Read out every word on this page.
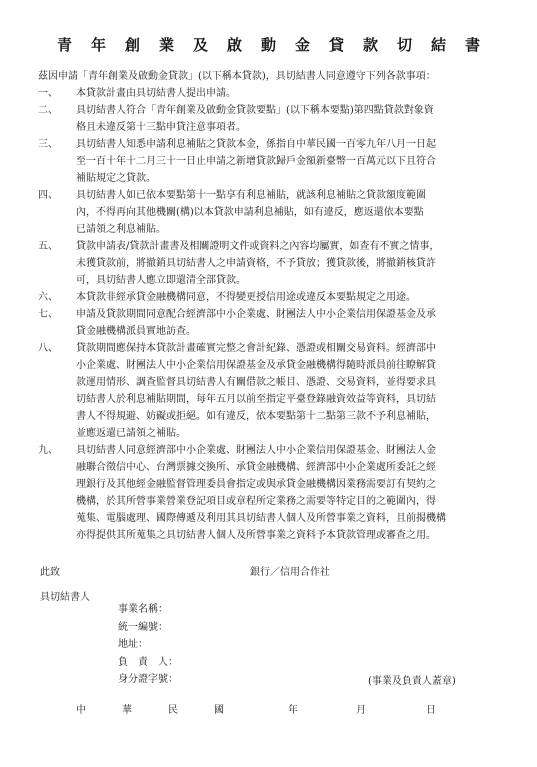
青年創業及啟動金貸款切結書
茲因申請「青年創業及啟動金貸款」(以下稱本貸款)，具切結書人同意遵守下列各款事項：
一、	本貸款計畫由具切結書人提出申請。
二、	具切結書人符合「青年創業及啟動金貸款要點」(以下稱本要點)第四點貸款對象資
格且未違反第十三點申貸注意事項者。
三、	具切結書人知悉申請利息補貼之貸款本金，係指自中華民國一百零九年八月一日起
至一百十年十二月三十一日止申請之新增貸款歸戶金額新臺幣一百萬元以下且符合
補貼規定之貸款。
四、	具切結書人如已依本要點第十一點享有利息補貼，就該利息補貼之貸款額度範圍
內，不得再向其他機關(構)以本貸款申請利息補貼，如有違反，應返還依本要點
已請領之利息補貼。
五、	貸款申請表/貸款計畫書及相關證明文件或資料之內容均屬實，如查有不實之情事，
未獲貸款前，將撤銷具切結書人之申請資格，不予貸放；獲貸款後，將撤銷核貸許
可，具切結書人應立即還清全部貸款。
六、	本貸款非經承貸金融機構同意，不得變更授信用途或違反本要點規定之用途。
七、	申請及貸款期間同意配合經濟部中小企業處、財團法人中小企業信用保證基金及承
貸金融機構派員實地訪查。
八、	貸款期間應保持本貸款計畫確實完整之會計紀錄、憑證或相關交易資料。經濟部中
小企業處、財團法人中小企業信用保證基金及承貸金融機構得隨時派員前往瞭解貸
款運用情形、調查監督具切結書人有關借款之帳目、憑證、交易資料，並得要求具
切結書人於利息補貼期間，每年五月以前至指定平臺登錄融資效益等資料，具切結
書人不得規避、妨礙或拒絕。如有違反，依本要點第十二點第三款不予利息補貼，
並應返還已請領之補貼。
九、	具切結書人同意經濟部中小企業處、財團法人中小企業信用保證基金、財團法人金
融聯合徵信中心、台灣票據交換所、承貸金融機構、經濟部中小企業處所委託之經
理銀行及其他經金融監督管理委員會指定或與承貸金融機構因業務需要訂有契約之
機構，於其所營事業營業登記項目或章程所定業務之需要等特定目的之範圍內，得
蒐集、電腦處理、國際傳遞及利用其具切結書人個人及所營事業之資料，且前揭機構
亦得提供其所蒐集之具切結書人個人及所營事業之資料予本貸款管理或審查之用。
此致	銀行／信用合作社
具切結書人
事業名稱：
統一編號：
地址：
負　責　人：
身分證字號：	(事業及負責人蓋章)
中	華	民	國	年	月	日
